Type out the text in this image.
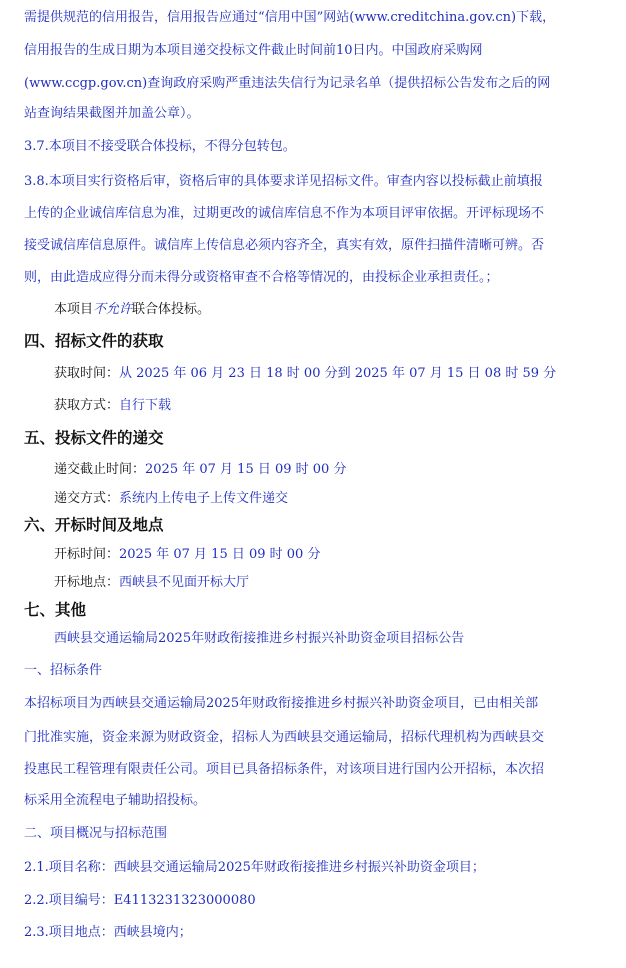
需提供规范的信用报告，信用报告应通过“信用中国”网站(www.creditchina.gov.cn)下载，
信用报告的生成日期为本项目递交投标文件截止时间前10日内。中国政府采购网
(www.ccgp.gov.cn)查询政府采购严重违法失信行为记录名单（提供招标公告发布之后的网
站查询结果截图并加盖公章）。
3.7.本项目不接受联合体投标，不得分包转包。
3.8.本项目实行资格后审，资格后审的具体要求详见招标文件。审查内容以投标截止前填报
上传的企业诚信库信息为准，过期更改的诚信库信息不作为本项目评审依据。开评标现场不
接受诚信库信息原件。诚信库上传信息必须内容齐全，真实有效，原件扫描件清晰可辨。否
则，由此造成应得分而未得分或资格审查不合格等情况的，由投标企业承担责任。；
本项目不允许联合体投标。
四、招标文件的获取
获取时间：从 2025 年 06 月 23 日 18 时 00 分到 2025 年 07 月 15 日 08 时 59 分
获取方式：自行下载
五、投标文件的递交
递交截止时间：2025 年 07 月 15 日 09 时 00 分
递交方式：系统内上传电子上传文件递交
六、开标时间及地点
开标时间：2025 年 07 月 15 日 09 时 00 分
开标地点：西峡县不见面开标大厅
七、其他
西峡县交通运输局2025年财政衔接推进乡村振兴补助资金项目招标公告
一、招标条件
本招标项目为西峡县交通运输局2025年财政衔接推进乡村振兴补助资金项目，已由相关部
门批准实施，资金来源为财政资金，招标人为西峡县交通运输局，招标代理机构为西峡县交
投惠民工程管理有限责任公司。项目已具备招标条件，对该项目进行国内公开招标，本次招
标采用全流程电子辅助招投标。
二、项目概况与招标范围
2.1.项目名称：西峡县交通运输局2025年财政衔接推进乡村振兴补助资金项目；
2.2.项目编号：E4113231323000080
2.3.项目地点：西峡县境内；
